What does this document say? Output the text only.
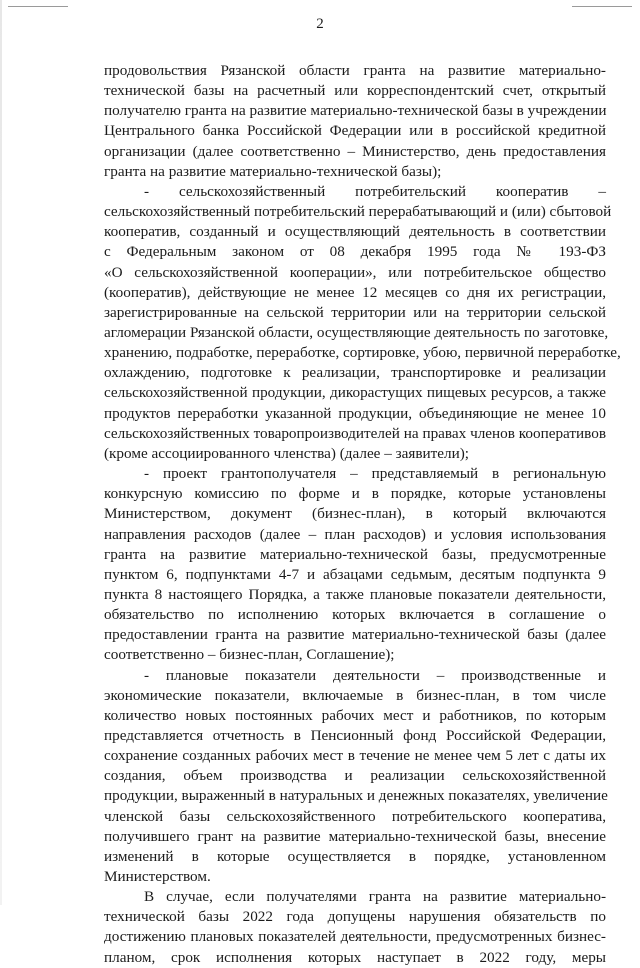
2
продовольствия Рязанской области гранта на развитие материально-
технической базы на расчетный или корреспондентский счет, открытый
получателю гранта на развитие материально-технической базы в учреждении
Центрального банка Российской Федерации или в российской кредитной
организации (далее соответственно – Министерство, день предоставления
гранта на развитие материально-технической базы);
- сельскохозяйственный потребительский кооператив –
сельскохозяйственный потребительский перерабатывающий и (или) сбытовой
кооператив, созданный и осуществляющий деятельность в соответствии
с Федеральным законом от 08 декабря 1995 года № 193-ФЗ
«О сельскохозяйственной кооперации», или потребительское общество
(кооператив), действующие не менее 12 месяцев со дня их регистрации,
зарегистрированные на сельской территории или на территории сельской
агломерации Рязанской области, осуществляющие деятельность по заготовке,
хранению, подработке, переработке, сортировке, убою, первичной переработке,
охлаждению, подготовке к реализации, транспортировке и реализации
сельскохозяйственной продукции, дикорастущих пищевых ресурсов, а также
продуктов переработки указанной продукции, объединяющие не менее 10
сельскохозяйственных товаропроизводителей на правах членов кооперативов
(кроме ассоциированного членства) (далее – заявители);
- проект грантополучателя – представляемый в региональную
конкурсную комиссию по форме и в порядке, которые установлены
Министерством, документ (бизнес-план), в который включаются
направления расходов (далее – план расходов) и условия использования
гранта на развитие материально-технической базы, предусмотренные
пунктом 6, подпунктами 4-7 и абзацами седьмым, десятым подпункта 9
пункта 8 настоящего Порядка, а также плановые показатели деятельности,
обязательство по исполнению которых включается в соглашение о
предоставлении гранта на развитие материально-технической базы (далее
соответственно – бизнес-план, Соглашение);
- плановые показатели деятельности – производственные и
экономические показатели, включаемые в бизнес-план, в том числе
количество новых постоянных рабочих мест и работников, по которым
представляется отчетность в Пенсионный фонд Российской Федерации,
сохранение созданных рабочих мест в течение не менее чем 5 лет с даты их
создания, объем производства и реализации сельскохозяйственной
продукции, выраженный в натуральных и денежных показателях, увеличение
членской базы сельскохозяйственного потребительского кооператива,
получившего грант на развитие материально-технической базы, внесение
изменений в которые осуществляется в порядке, установленном
Министерством.
В случае, если получателями гранта на развитие материально-
технической базы 2022 года допущены нарушения обязательств по
достижению плановых показателей деятельности, предусмотренных бизнес-
планом, срок исполнения которых наступает в 2022 году, меры
